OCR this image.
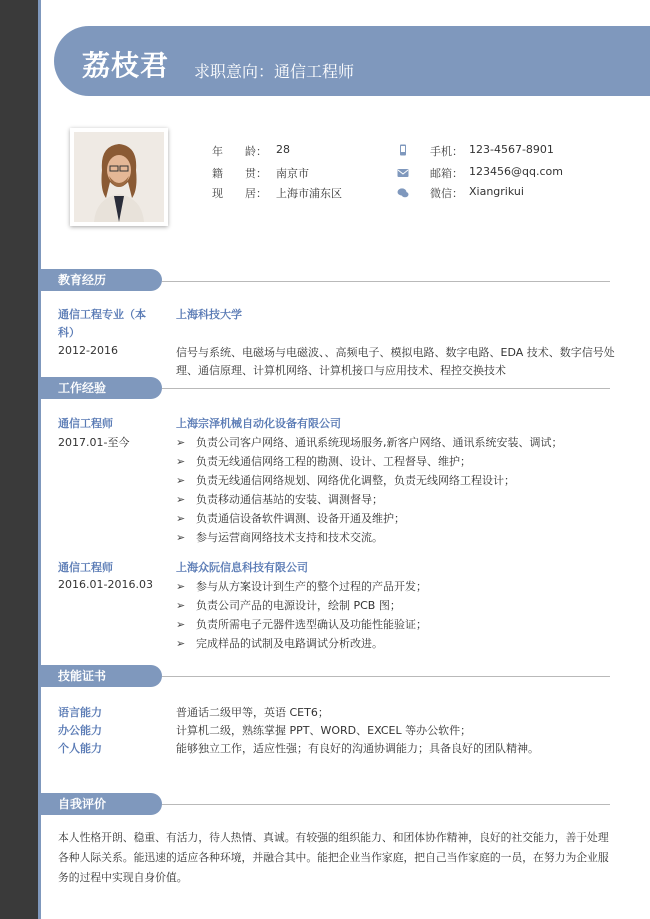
荔枝君 求职意向：通信工程师
年　　龄： 28
籍　　贯： 南京市
现　　居： 上海市浦东区
手机： 123-4567-8901
邮箱： 123456@qq.com
微信： Xiangrikui
教育经历
通信工程专业（本
科）
2012-2016
上海科技大学
信号与系统、电磁场与电磁波、、高频电子、模拟电路、数字电路、EDA 技术、数字信号处
理、通信原理、计算机网络、计算机接口与应用技术、程控交换技术
工作经验
通信工程师
2017.01-至今
上海宗泽机械自动化设备有限公司
➢ 负责公司客户网络、通讯系统现场服务,新客户网络、通讯系统安装、调试；
➢ 负责无线通信网络工程的勘测、设计、工程督导、维护；
➢ 负责无线通信网络规划、网络优化调整，负责无线网络工程设计；
➢ 负责移动通信基站的安装、调测督导；
➢ 负责通信设备软件调测、设备开通及维护；
➢ 参与运营商网络技术支持和技术交流。
通信工程师
2016.01-2016.03
上海众阮信息科技有限公司
➢ 参与从方案设计到生产的整个过程的产品开发；
➢ 负责公司产品的电源设计，绘制 PCB 图；
➢ 负责所需电子元器件选型确认及功能性能验证；
➢ 完成样品的试制及电路调试分析改进。
技能证书
语言能力	普通话二级甲等，英语 CET6；
办公能力	计算机二级，熟练掌握 PPT、WORD、EXCEL 等办公软件；
个人能力	能够独立工作，适应性强；有良好的沟通协调能力；具备良好的团队精神。
自我评价
本人性格开朗、稳重、有活力，待人热情、真诚。有较强的组织能力、和团体协作精神，良好的社交能力，善于处理
各种人际关系。能迅速的适应各种环境，并融合其中。能把企业当作家庭，把自己当作家庭的一员，在努力为企业服
务的过程中实现自身价值。
